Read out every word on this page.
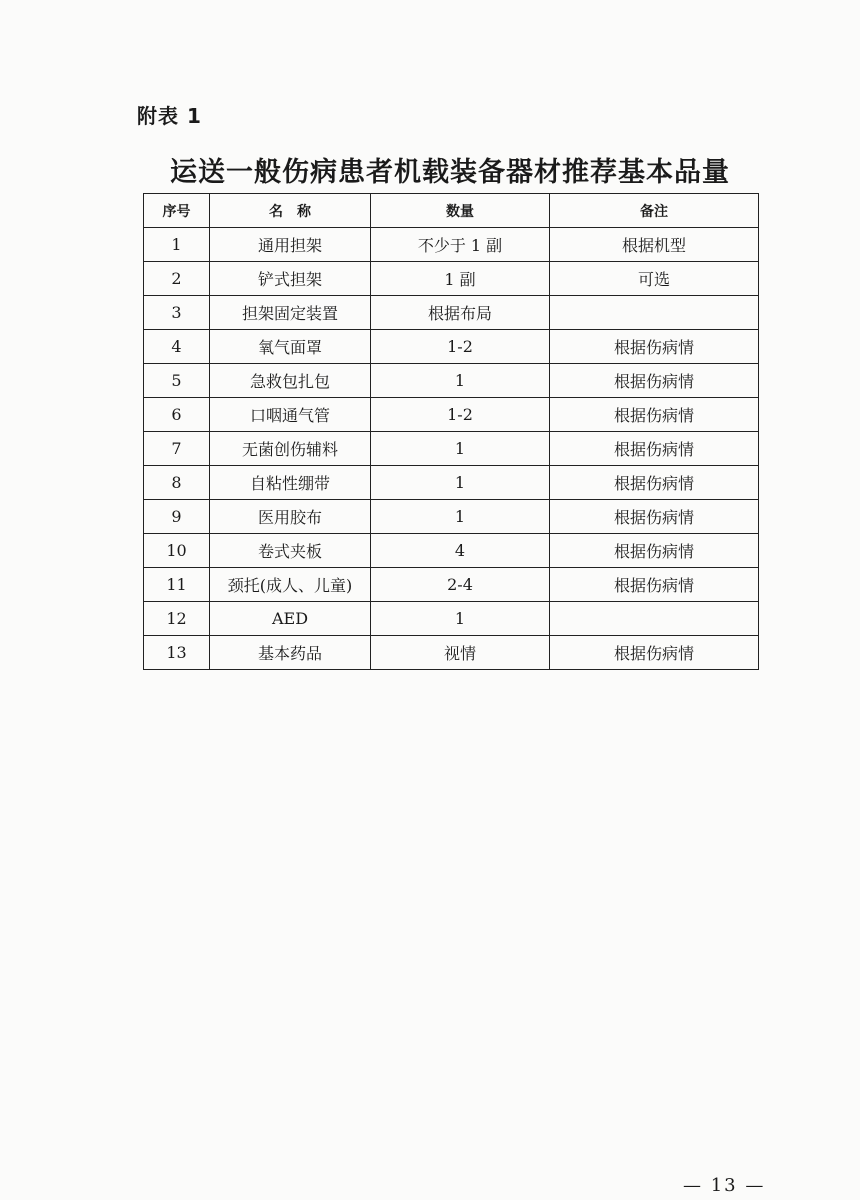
附表 1
运送一般伤病患者机载装备器材推荐基本品量
序号	名　称	数量	备注
1	通用担架	不少于 1 副	根据机型
2	铲式担架	1 副	可选
3	担架固定装置	根据布局	
4	氧气面罩	1-2	根据伤病情
5	急救包扎包	1	根据伤病情
6	口咽通气管	1-2	根据伤病情
7	无菌创伤辅料	1	根据伤病情
8	自粘性绷带	1	根据伤病情
9	医用胶布	1	根据伤病情
10	卷式夹板	4	根据伤病情
11	颈托(成人、儿童)	2-4	根据伤病情
12	AED	1	
13	基本药品	视情	根据伤病情
— 13 —
